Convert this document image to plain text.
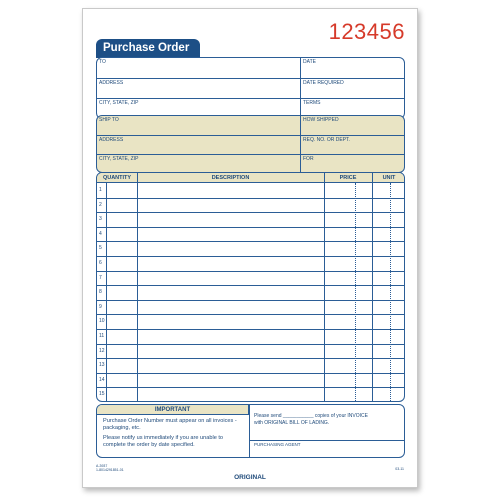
123456
Purchase Order
TO	DATE
ADDRESS	DATE REQUIRED
CITY, STATE, ZIP	TERMS
SHIP TO	HOW SHIPPED
ADDRESS	REQ. NO. OR DEPT.
CITY, STATE, ZIP	FOR
QUANTITY	DESCRIPTION	PRICE	UNIT
1
2
3
4
5
6
7
8
9
10
11
12
13
14
15
IMPORTANT
Purchase Order Number must appear on all invoices - packaging, etc.
Please notify us immediately if you are unable to complete the order by date specified.
Please send ___________ copies of your INVOICE
with ORIGINAL BILL OF LADING.
PURCHASING AGENT
A-3937
1-8014291851-01
ORIGINAL
03-11
